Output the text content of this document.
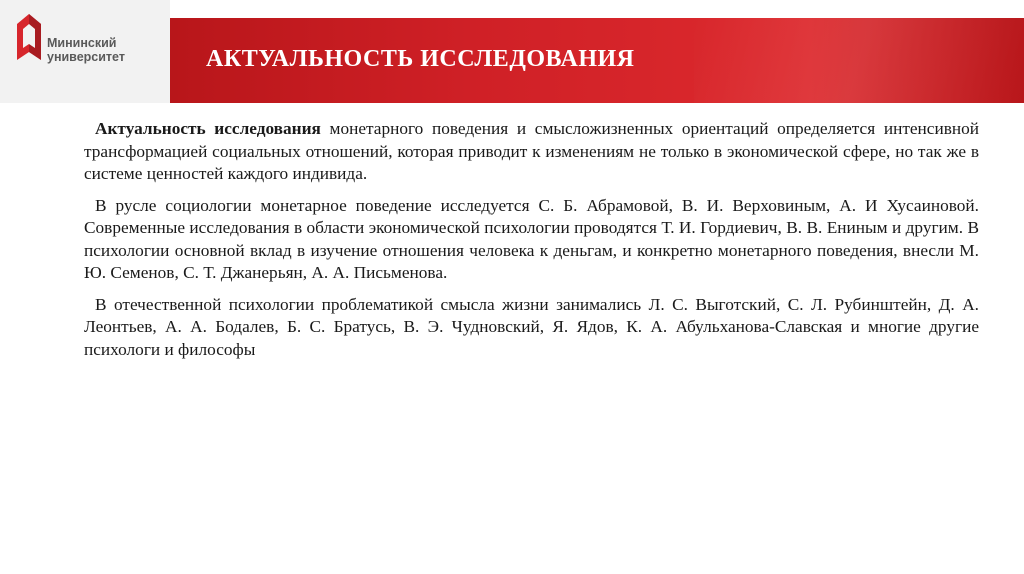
Мининский
университет	АКТУАЛЬНОСТЬ ИССЛЕДОВАНИЯ

Актуальность исследования монетарного поведения и смысложизненных ориентаций определяется интенсивной трансформацией социальных отношений, которая приводит к изменениям не только в экономической сфере, но так же в системе ценностей каждого индивида.

В русле социологии монетарное поведение исследуется С. Б. Абрамовой, В. И. Верховиным, А. И Хусаиновой. Современные исследования в области экономической психологии проводятся Т. И. Гордиевич, В. В. Ениным и другим. В психологии основной вклад в изучение отношения человека к деньгам, и конкретно монетарного поведения, внесли М. Ю. Семенов, С. Т. Джанерьян, А. А. Письменова.

В отечественной психологии проблематикой смысла жизни занимались Л. С. Выготский, С. Л. Рубинштейн, Д. А. Леонтьев, А. А. Бодалев, Б. С. Братусь, В. Э. Чудновский, Я. Ядов, К. А. Абульханова-Славская и многие другие психологи и философы
